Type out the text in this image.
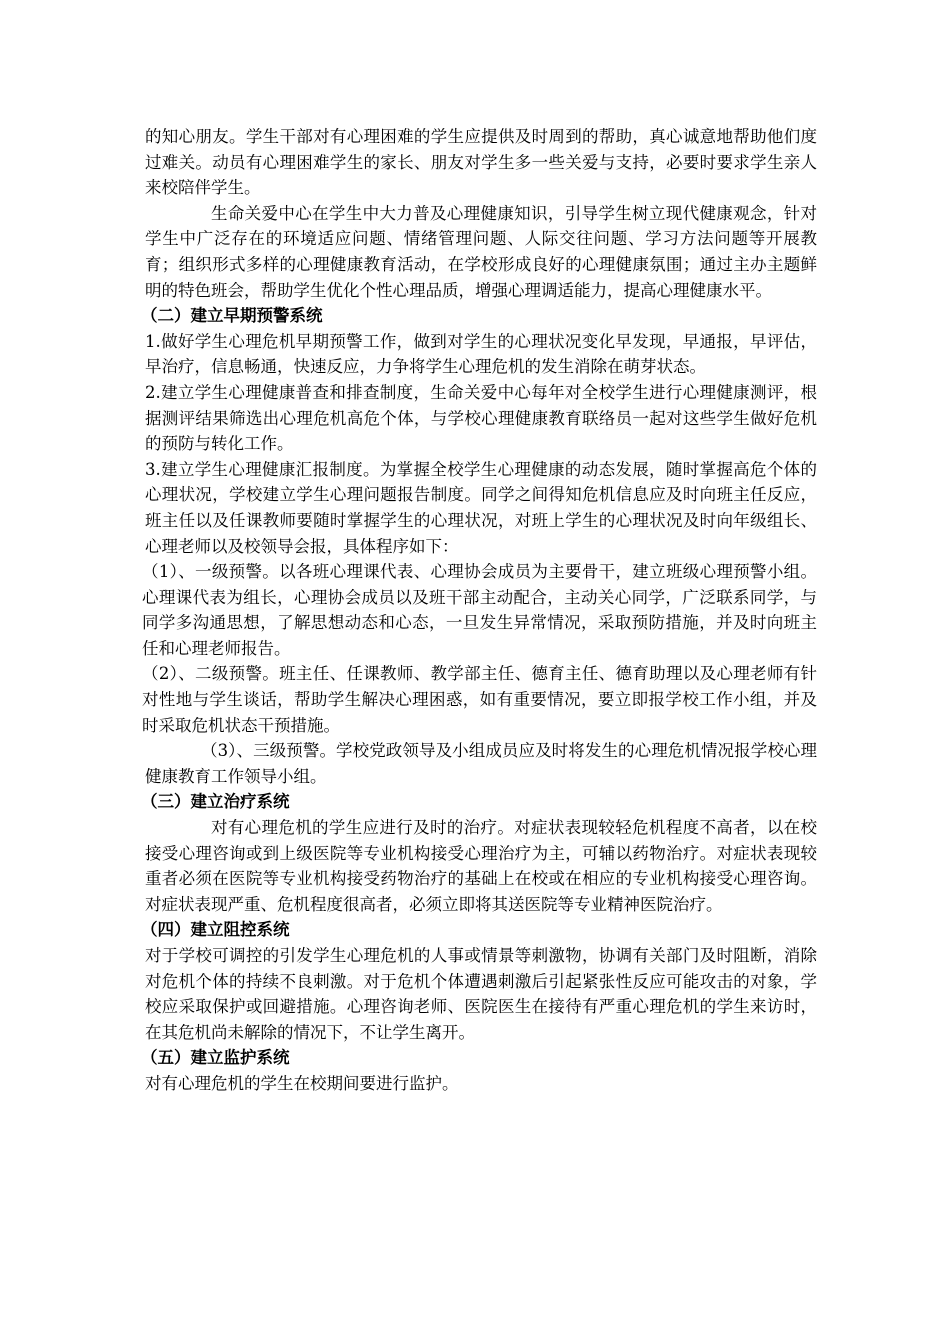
的知心朋友。学生干部对有心理困难的学生应提供及时周到的帮助，真心诚意地帮助他们度过难关。动员有心理困难学生的家长、朋友对学生多一些关爱与支持，必要时要求学生亲人来校陪伴学生。

生命关爱中心在学生中大力普及心理健康知识，引导学生树立现代健康观念，针对学生中广泛存在的环境适应问题、情绪管理问题、人际交往问题、学习方法问题等开展教育；组织形式多样的心理健康教育活动，在学校形成良好的心理健康氛围；通过主办主题鲜明的特色班会，帮助学生优化个性心理品质，增强心理调适能力，提高心理健康水平。

（二）建立早期预警系统

1.做好学生心理危机早期预警工作，做到对学生的心理状况变化早发现，早通报，早评估，早治疗，信息畅通，快速反应，力争将学生心理危机的发生消除在萌芽状态。

2.建立学生心理健康普查和排查制度，生命关爱中心每年对全校学生进行心理健康测评，根据测评结果筛选出心理危机高危个体，与学校心理健康教育联络员一起对这些学生做好危机的预防与转化工作。

3.建立学生心理健康汇报制度。为掌握全校学生心理健康的动态发展，随时掌握高危个体的心理状况，学校建立学生心理问题报告制度。同学之间得知危机信息应及时向班主任反应，班主任以及任课教师要随时掌握学生的心理状况，对班上学生的心理状况及时向年级组长、心理老师以及校领导会报，具体程序如下：

（1）、一级预警。以各班心理课代表、心理协会成员为主要骨干，建立班级心理预警小组。心理课代表为组长，心理协会成员以及班干部主动配合，主动关心同学，广泛联系同学，与同学多沟通思想，了解思想动态和心态，一旦发生异常情况，采取预防措施，并及时向班主任和心理老师报告。

（2）、二级预警。班主任、任课教师、教学部主任、德育主任、德育助理以及心理老师有针对性地与学生谈话，帮助学生解决心理困惑，如有重要情况，要立即报学校工作小组，并及时采取危机状态干预措施。

（3）、三级预警。学校党政领导及小组成员应及时将发生的心理危机情况报学校心理健康教育工作领导小组。

（三）建立治疗系统

对有心理危机的学生应进行及时的治疗。对症状表现较轻危机程度不高者，以在校接受心理咨询或到上级医院等专业机构接受心理治疗为主，可辅以药物治疗。对症状表现较重者必须在医院等专业机构接受药物治疗的基础上在校或在相应的专业机构接受心理咨询。对症状表现严重、危机程度很高者，必须立即将其送医院等专业精神医院治疗。

（四）建立阻控系统

对于学校可调控的引发学生心理危机的人事或情景等刺激物，协调有关部门及时阻断，消除对危机个体的持续不良刺激。对于危机个体遭遇刺激后引起紧张性反应可能攻击的对象，学校应采取保护或回避措施。心理咨询老师、医院医生在接待有严重心理危机的学生来访时，在其危机尚未解除的情况下，不让学生离开。

（五）建立监护系统

对有心理危机的学生在校期间要进行监护。
